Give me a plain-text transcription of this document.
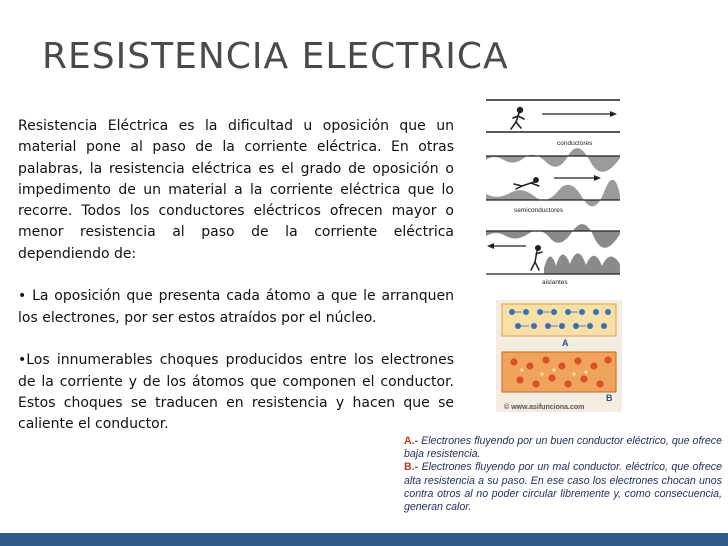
RESISTENCIA ELECTRICA

Resistencia Eléctrica es la dificultad u oposición que un material pone al paso de la corriente eléctrica. En otras palabras, la resistencia eléctrica es el grado de oposición o impedimento de un material a la corriente eléctrica que lo recorre. Todos los conductores eléctricos ofrecen mayor o menor resistencia al paso de la corriente eléctrica dependiendo de:

• La oposición que presenta cada átomo a que le arranquen los electrones, por ser estos atraídos por el núcleo.

•Los innumerables choques producidos entre los electrones de la corriente y de los átomos que componen el conductor. Estos choques se traducen en resistencia y hacen que se caliente el conductor.

conductores
semiconductores
aislantes
A
B
© www.asifunciona.com

A.- Electrones fluyendo por un buen conductor eléctrico, que ofrece baja resistencia.

B.- Electrones fluyendo por un mal conductor. eléctrico, que ofrece alta resistencia a su paso. En ese caso los electrones chocan unos contra otros al no poder circular libremente y, como consecuencia, generan calor.
